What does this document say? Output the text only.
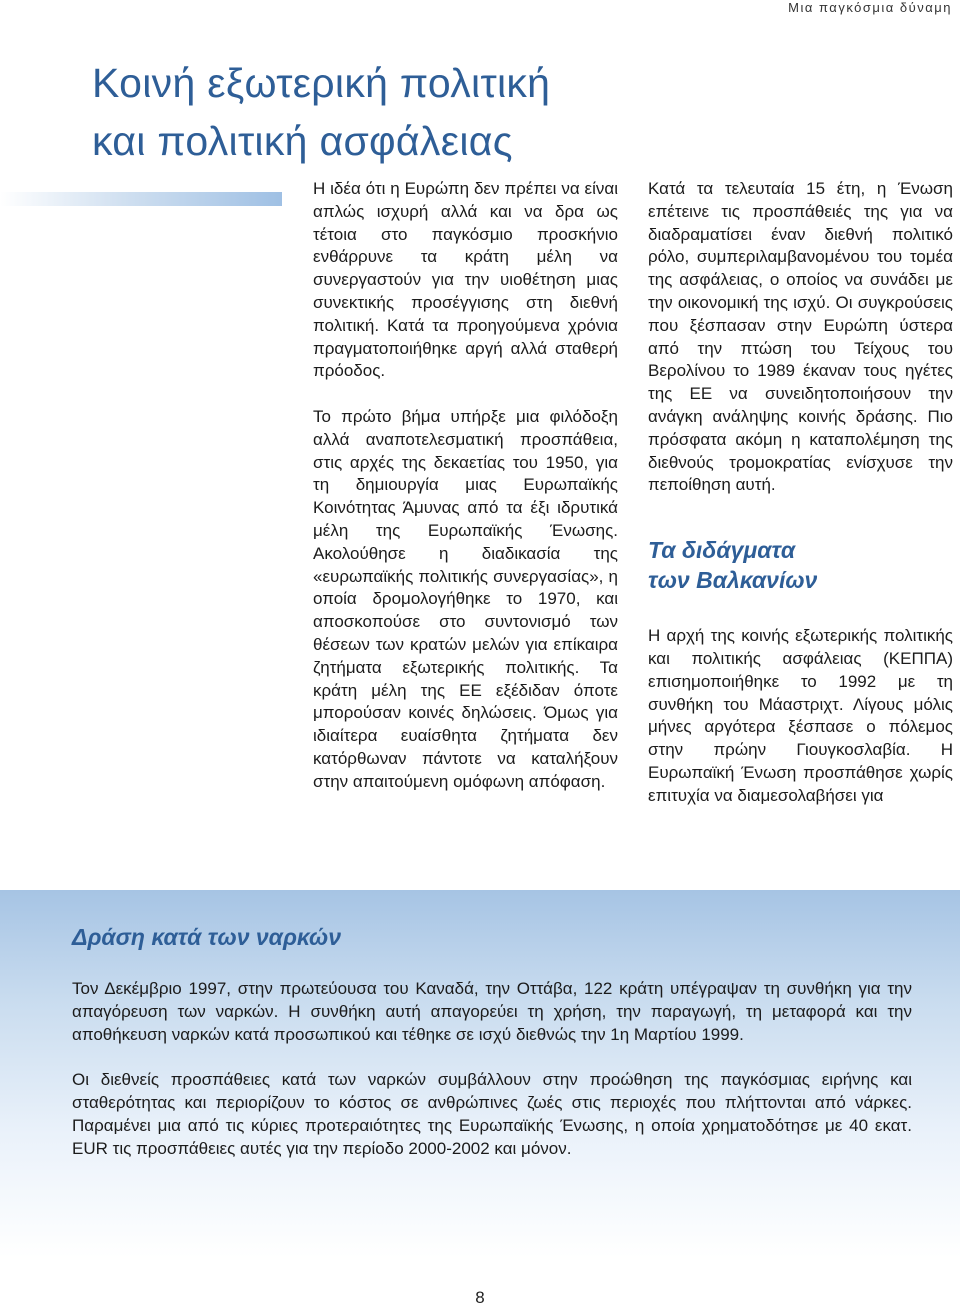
Μια παγκόσμια δύναμη
Κοινή εξωτερική πολιτική
και πολιτική ασφάλειας

Η ιδέα ότι η Ευρώπη δεν πρέπει να είναι απλώς ισχυρή αλλά και να δρα ως τέτοια στο παγκόσμιο προσκήνιο ενθάρρυνε τα κράτη μέλη να συνεργαστούν για την υιοθέτηση μιας συνεκτικής προσέγγισης στη διεθνή πολιτική. Κατά τα προηγούμενα χρόνια πραγματοποιήθηκε αργή αλλά σταθερή πρόοδος.

Το πρώτο βήμα υπήρξε μια φιλόδοξη αλλά αναποτελεσματική προσπάθεια, στις αρχές της δεκαετίας του 1950, για τη δημιουργία μιας Ευρωπαϊκής Κοινότητας Άμυνας από τα έξι ιδρυτικά μέλη της Ευρωπαϊκής Ένωσης. Ακολούθησε η διαδικασία της «ευρωπαϊκής πολιτικής συνεργασίας», η οποία δρομολογήθηκε το 1970, και αποσκοπούσε στο συντονισμό των θέσεων των κρατών μελών για επίκαιρα ζητήματα εξωτερικής πολιτικής. Τα κράτη μέλη της ΕΕ εξέδιδαν όποτε μπορούσαν κοινές δηλώσεις. Όμως για ιδιαίτερα ευαίσθητα ζητήματα δεν κατόρθωναν πάντοτε να καταλήξουν στην απαιτούμενη ομόφωνη απόφαση.

Κατά τα τελευταία 15 έτη, η Ένωση επέτεινε τις προσπάθειές της για να διαδραματίσει έναν διεθνή πολιτικό ρόλο, συμπεριλαμβανομένου του τομέα της ασφάλειας, ο οποίος να συνάδει με την οικονομική της ισχύ. Οι συγκρούσεις που ξέσπασαν στην Ευρώπη ύστερα από την πτώση του Τείχους του Βερολίνου το 1989 έκαναν τους ηγέτες της ΕΕ να συνειδητοποιήσουν την ανάγκη ανάληψης κοινής δράσης. Πιο πρόσφατα ακόμη η καταπολέμηση της διεθνούς τρομοκρατίας ενίσχυσε την πεποίθηση αυτή.

Τα διδάγματα
των Βαλκανίων

Η αρχή της κοινής εξωτερικής πολιτικής και πολιτικής ασφάλειας (ΚΕΠΠΑ) επισημοποιήθηκε το 1992 με τη συνθήκη του Μάαστριχτ. Λίγους μόλις μήνες αργότερα ξέσπασε ο πόλεμος στην πρώην Γιουγκοσλαβία. Η Ευρωπαϊκή Ένωση προσπάθησε χωρίς επιτυχία να διαμεσολαβήσει για

Δράση κατά των ναρκών

Τον Δεκέμβριο 1997, στην πρωτεύουσα του Καναδά, την Οττάβα, 122 κράτη υπέγραψαν τη συνθήκη για την απαγόρευση των ναρκών. Η συνθήκη αυτή απαγορεύει τη χρήση, την παραγωγή, τη μεταφορά και την αποθήκευση ναρκών κατά προσωπικού και τέθηκε σε ισχύ διεθνώς την 1η Μαρτίου 1999.

Οι διεθνείς προσπάθειες κατά των ναρκών συμβάλλουν στην προώθηση της παγκόσμιας ειρήνης και σταθερότητας και περιορίζουν το κόστος σε ανθρώπινες ζωές στις περιοχές που πλήττονται από νάρκες. Παραμένει μια από τις κύριες προτεραιότητες της Ευρωπαϊκής Ένωσης, η οποία χρηματοδότησε με 40 εκατ. EUR τις προσπάθειες αυτές για την περίοδο 2000-2002 και μόνον.

8
